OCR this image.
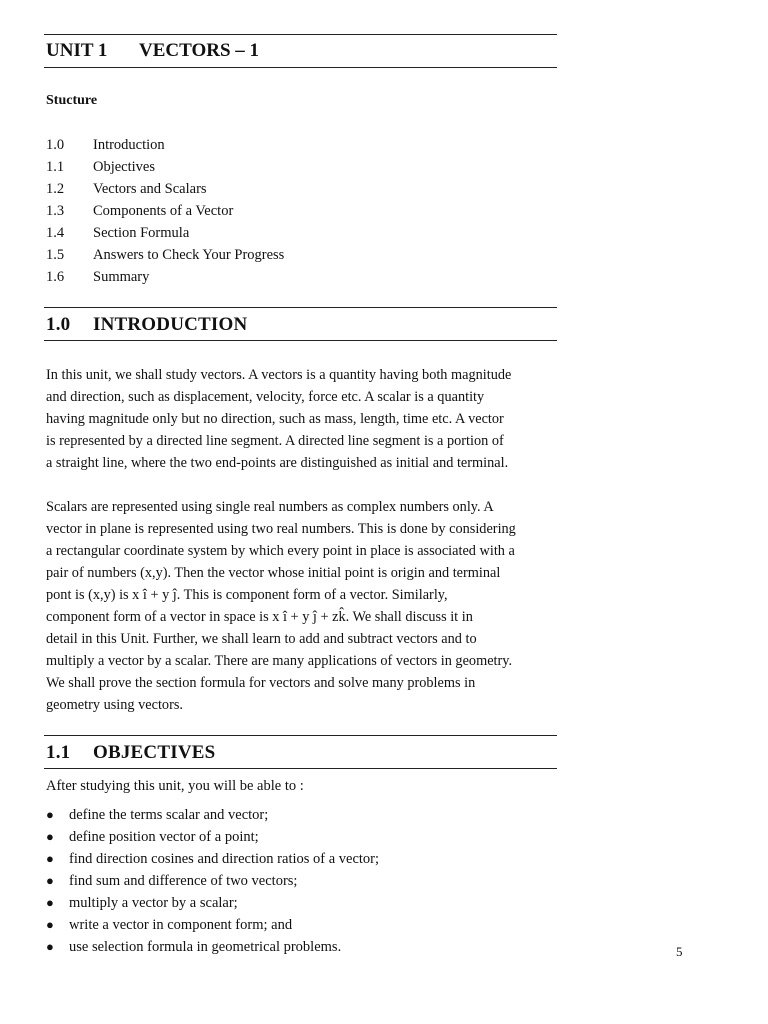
UNIT 1 VECTORS – 1
Stucture
1.0 Introduction
1.1 Objectives
1.2 Vectors and Scalars
1.3 Components of a Vector
1.4 Section Formula
1.5 Answers to Check Your Progress
1.6 Summary
1.0 INTRODUCTION
In this unit, we shall study vectors. A vectors is a quantity having both magnitude
and direction, such as displacement, velocity, force etc. A scalar is a quantity
having magnitude only but no direction, such as mass, length, time etc. A vector
is represented by a directed line segment. A directed line segment is a portion of
a straight line, where the two end-points are distinguished as initial and terminal.
Scalars are represented using single real numbers as complex numbers only. A
vector in plane is represented using two real numbers. This is done by considering
a rectangular coordinate system by which every point in place is associated with a
pair of numbers (x,y). Then the vector whose initial point is origin and terminal
pont is (x,y) is x î + y ĵ. This is component form of a vector. Similarly,
component form of a vector in space is x î + y ĵ + zk̂. We shall discuss it in
detail in this Unit. Further, we shall learn to add and subtract vectors and to
multiply a vector by a scalar. There are many applications of vectors in geometry.
We shall prove the section formula for vectors and solve many problems in
geometry using vectors.
1.1 OBJECTIVES
After studying this unit, you will be able to :
● define the terms scalar and vector;
● define position vector of a point;
● find direction cosines and direction ratios of a vector;
● find sum and difference of two vectors;
● multiply a vector by a scalar;
● write a vector in component form; and
● use selection formula in geometrical problems.	5
